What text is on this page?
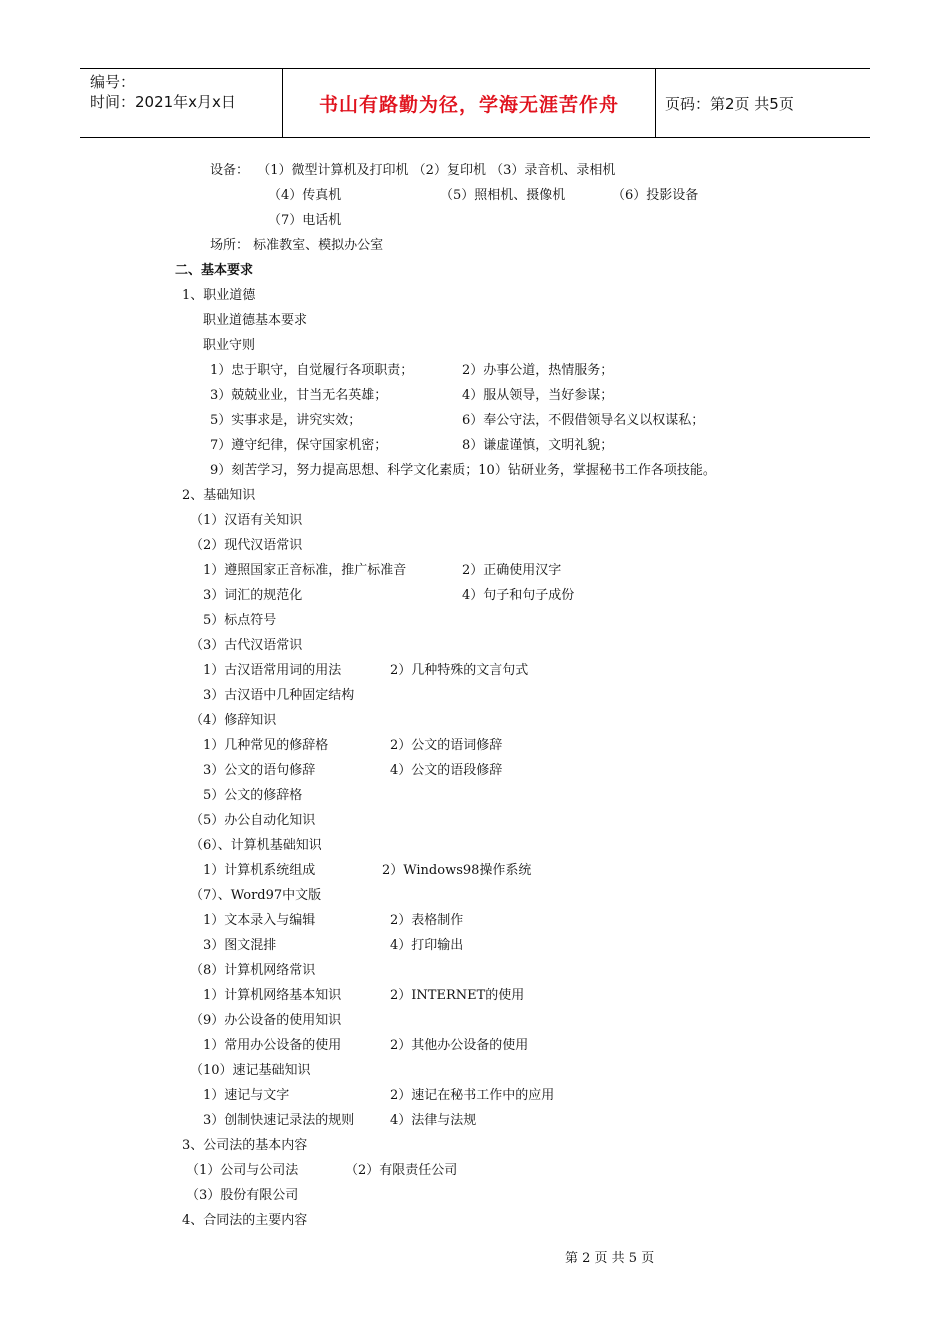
编号：
时间：2021年x月x日	书山有路勤为径，学海无涯苦作舟	页码：第2页 共5页
设备：  （1）微型计算机及打印机 （2）复印机 （3）录音机、录相机
（4）传真机	（5）照相机、摄像机	（6）投影设备
（7）电话机
场所： 标准教室、模拟办公室
二、基本要求
1、职业道德
职业道德基本要求
职业守则
1）忠于职守，自觉履行各项职责；	2）办事公道，热情服务；
3）兢兢业业，甘当无名英雄；	4）服从领导，当好参谋；
5）实事求是，讲究实效；	6）奉公守法，不假借领导名义以权谋私；
7）遵守纪律，保守国家机密；	8）谦虚谨慎，文明礼貌；
9）刻苦学习，努力提高思想、科学文化素质；10）钻研业务，掌握秘书工作各项技能。
2、基础知识
（1）汉语有关知识
（2）现代汉语常识
1）遵照国家正音标准，推广标准音	2）正确使用汉字
3）词汇的规范化	4）句子和句子成份
5）标点符号
（3）古代汉语常识
1）古汉语常用词的用法	2）几种特殊的文言句式
3）古汉语中几种固定结构
（4）修辞知识
1）几种常见的修辞格	2）公文的语词修辞
3）公文的语句修辞	4）公文的语段修辞
5）公文的修辞格
（5）办公自动化知识
（6）、计算机基础知识
1）计算机系统组成	2）Windows98操作系统
（7）、Word97中文版
1）文本录入与编辑	2）表格制作
3）图文混排	4）打印输出
（8）计算机网络常识
1）计算机网络基本知识	2）INTERNET的使用
（9）办公设备的使用知识
1）常用办公设备的使用	2）其他办公设备的使用
（10）速记基础知识
1）速记与文字	2）速记在秘书工作中的应用
3）创制快速记录法的规则	4）法律与法规
3、公司法的基本内容
（1）公司与公司法	（2）有限责任公司
（3）股份有限公司
4、合同法的主要内容
第 2 页 共 5 页
